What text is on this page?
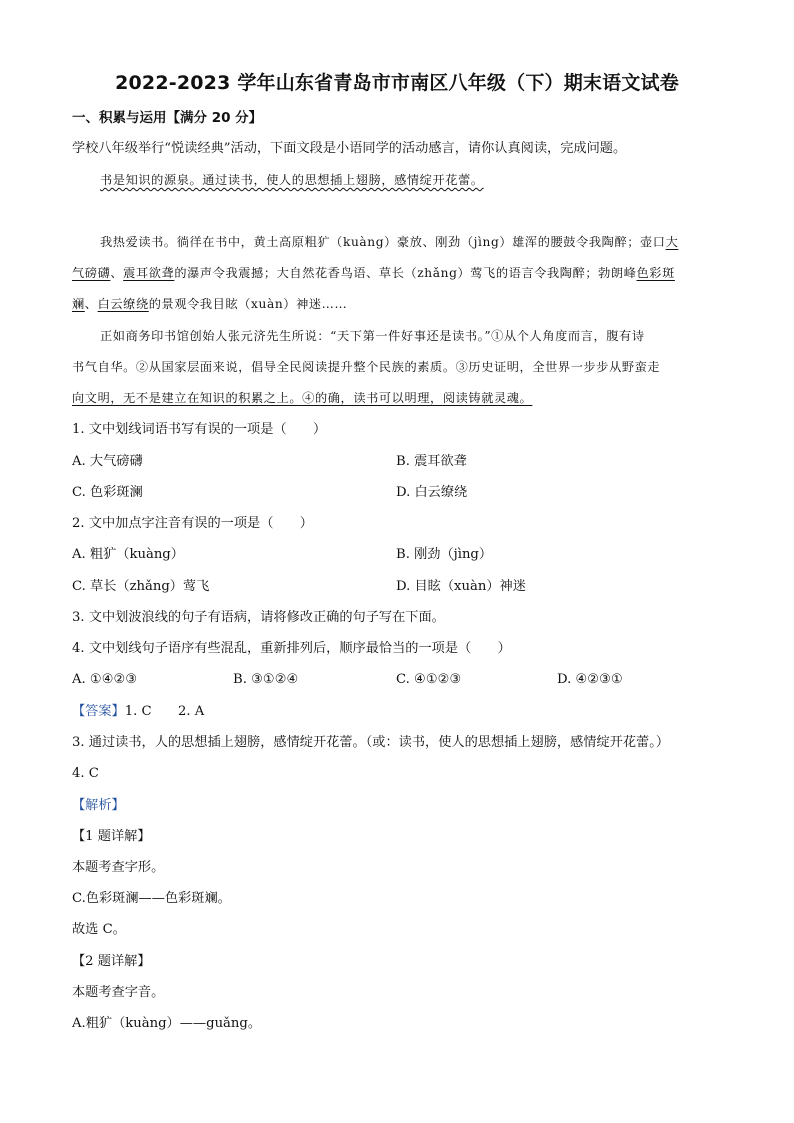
2022-2023 学年山东省青岛市市南区八年级（下）期末语文试卷
一、积累与运用【满分 20 分】
学校八年级举行“悦读经典”活动，下面文段是小语同学的活动感言，请你认真阅读，完成问题。
书是知识的源泉。通过读书，使人的思想插上翅膀，感情绽开花蕾。
我热爱读书。徜徉在书中，黄土高原粗犷（kuàng）豪放、刚劲（jìng）雄浑的腰鼓令我陶醉；壶口大
气磅礴、震耳欲聋的瀑声令我震撼；大自然花香鸟语、草长（zhǎng）莺飞的语言令我陶醉；勃朗峰色彩斑
斓、白云缭绕的景观令我目眩（xuàn）神迷……
正如商务印书馆创始人张元济先生所说：“天下第一件好事还是读书。”①从个人角度而言，腹有诗
书气自华。②从国家层面来说，倡导全民阅读提升整个民族的素质。③历史证明，全世界一步步从野蛮走
向文明，无不是建立在知识的积累之上。④的确，读书可以明理，阅读铸就灵魂。
1. 文中划线词语书写有误的一项是（　　）
A. 大气磅礴	B. 震耳欲聋
C. 色彩斑澜	D. 白云缭绕
2. 文中加点字注音有误的一项是（　　）
A. 粗犷（kuàng）	B. 刚劲（jìng）
C. 草长（zhǎng）莺飞	D. 目眩（xuàn）神迷
3. 文中划波浪线的句子有语病，请将修改正确的句子写在下面。
4. 文中划线句子语序有些混乱，重新排列后，顺序最恰当的一项是（　　）
A. ①④②③	B. ③①②④	C. ④①②③	D. ④②③①
【答案】1. C　　2. A
3. 通过读书，人的思想插上翅膀，感情绽开花蕾。（或：读书，使人的思想插上翅膀，感情绽开花蕾。）
4. C
【解析】
【1 题详解】
本题考查字形。
C.色彩斑澜——色彩斑斓。
故选 C。
【2 题详解】
本题考查字音。
A.粗犷（kuàng）——guǎng。
